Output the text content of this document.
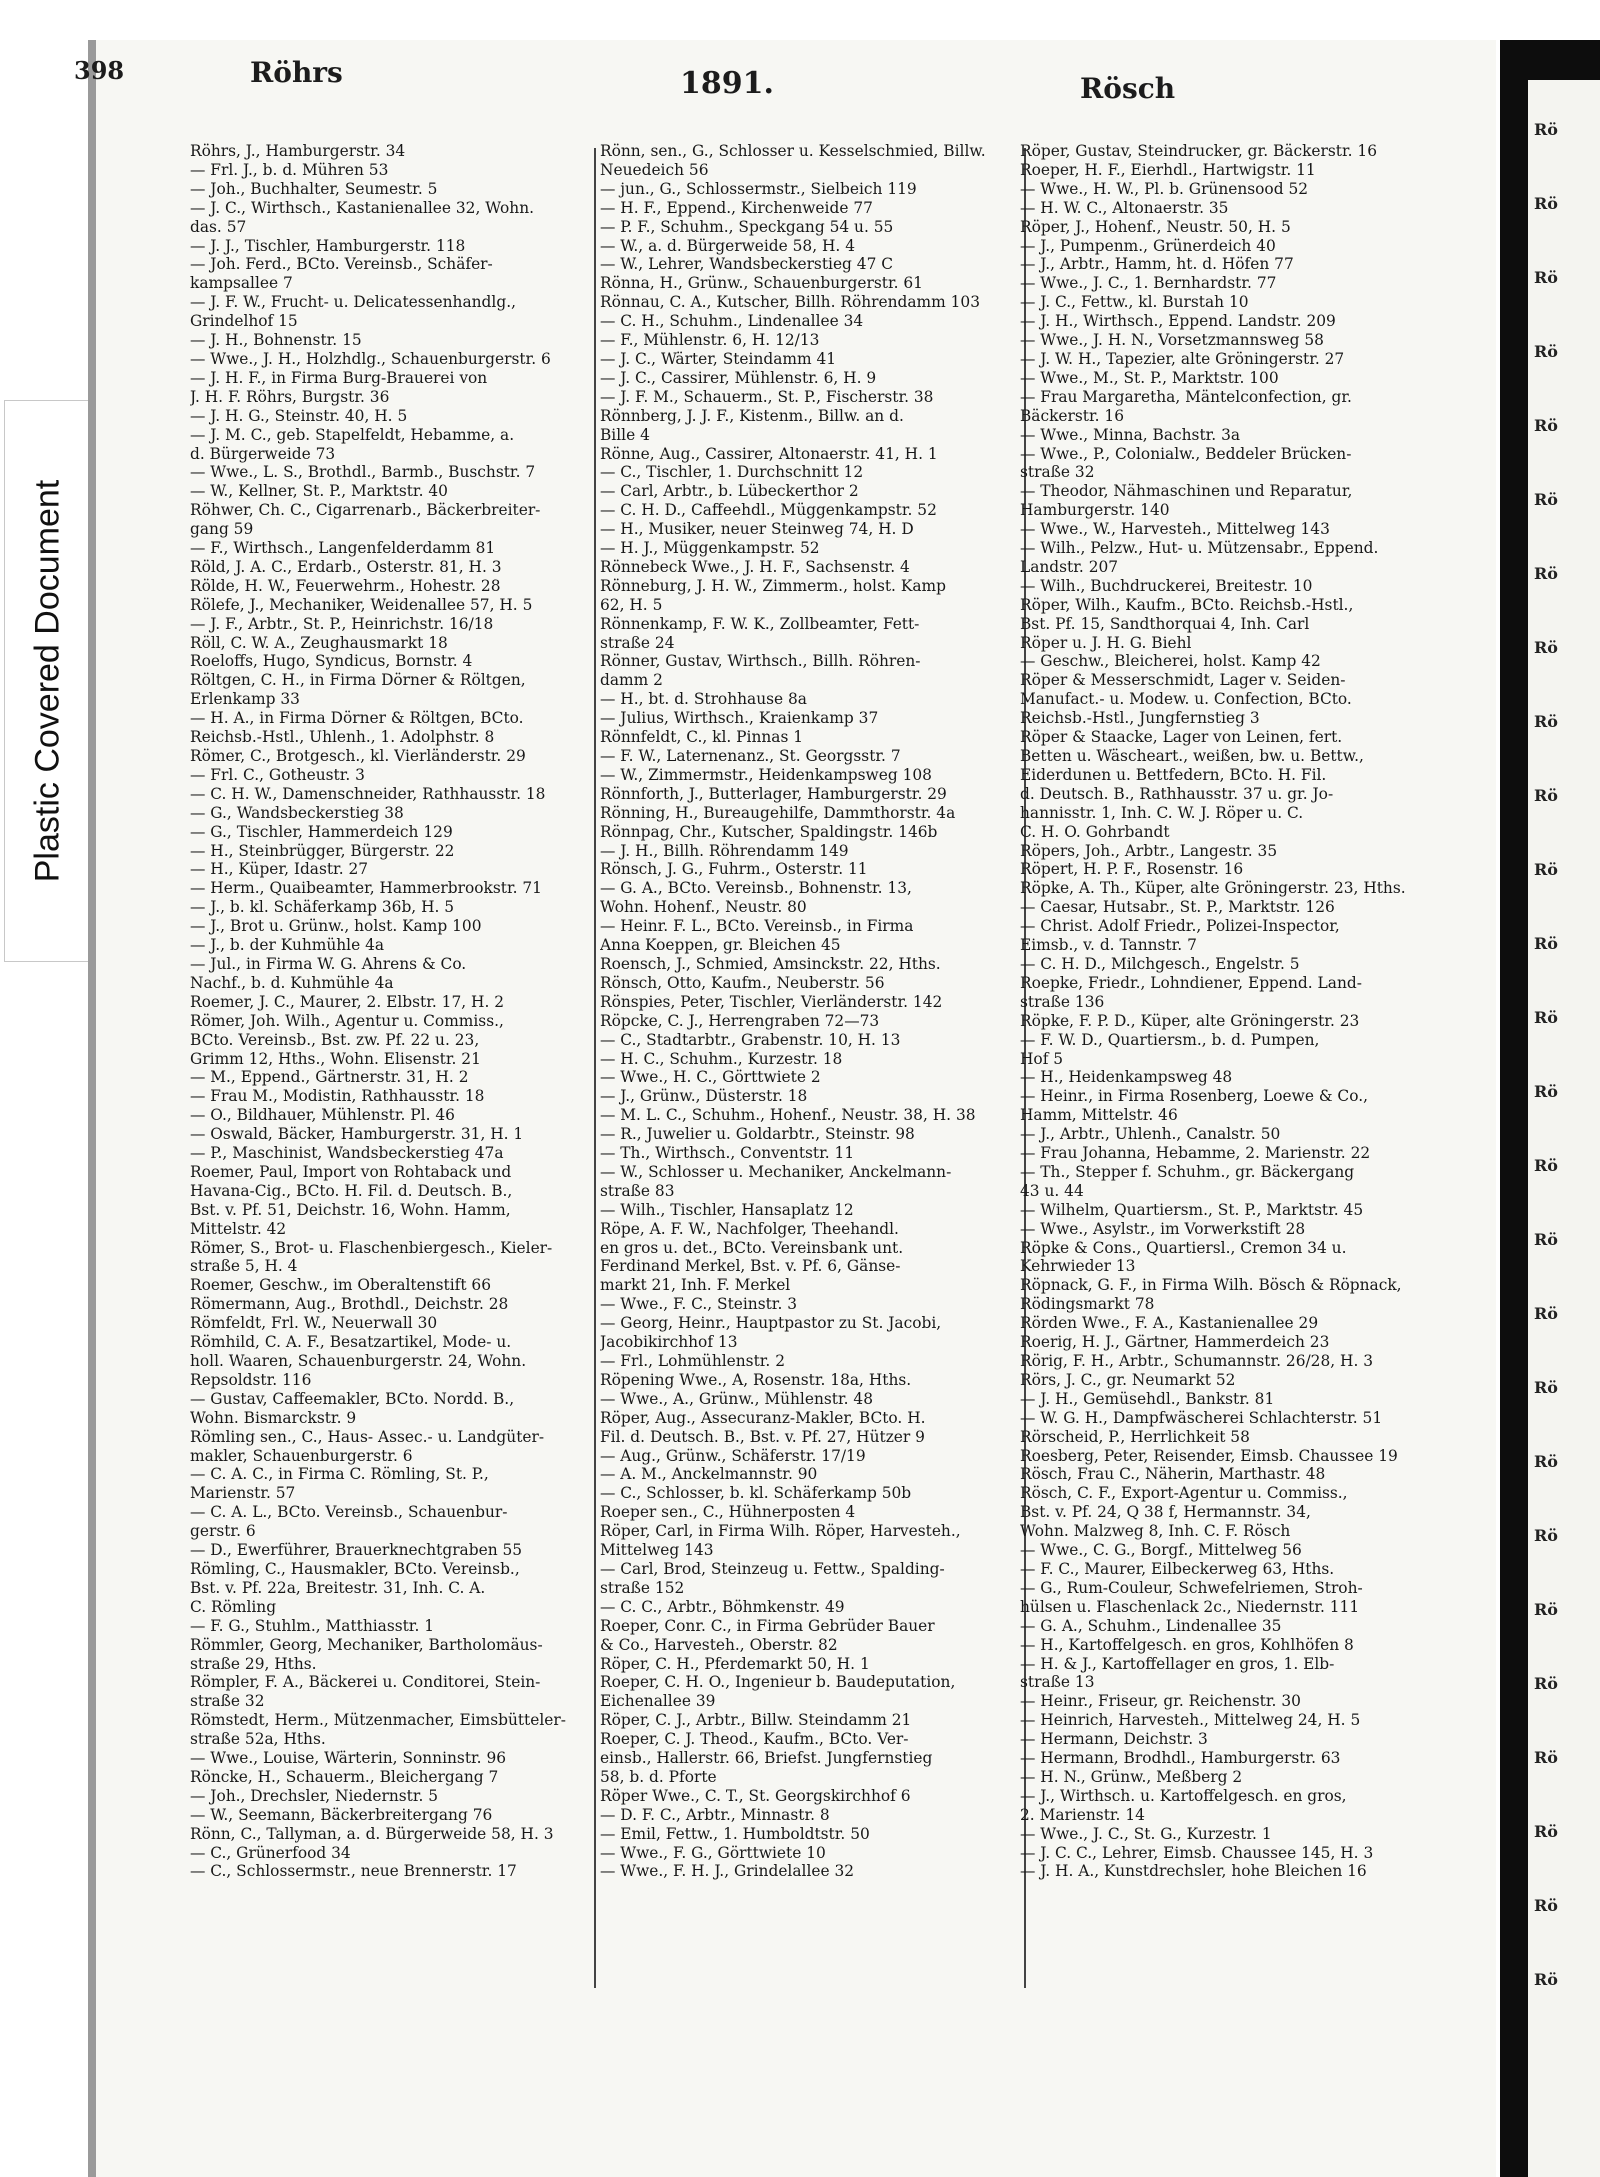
Plastic Covered Document
Rö
Rö
Rö
Rö
Rö
Rö
Rö
Rö
Rö
Rö
Rö
Rö
Rö
Rö
Rö
Rö
Rö
Rö
Rö
Rö
Rö
Rö
Rö
Rö
Rö
Rö
398	Röhrs	1891.	Rösch
Röhrs, J., Hamburgerstr. 34
— Frl. J., b. d. Mühren 53
— Joh., Buchhalter, Seumestr. 5
— J. C., Wirthsch., Kastanienallee 32, Wohn.
das. 57
— J. J., Tischler, Hamburgerstr. 118
— Joh. Ferd., BCto. Vereinsb., Schäfer-
kampsallee 7
— J. F. W., Frucht- u. Delicatessenhandlg.,
Grindelhof 15
— J. H., Bohnenstr. 15
— Wwe., J. H., Holzhdlg., Schauenburgerstr. 6
— J. H. F., in Firma Burg-Brauerei von
J. H. F. Röhrs, Burgstr. 36
— J. H. G., Steinstr. 40, H. 5
— J. M. C., geb. Stapelfeldt, Hebamme, a.
d. Bürgerweide 73
— Wwe., L. S., Brothdl., Barmb., Buschstr. 7
— W., Kellner, St. P., Marktstr. 40
Röhwer, Ch. C., Cigarrenarb., Bäckerbreiter-
gang 59
— F., Wirthsch., Langenfelderdamm 81
Röld, J. A. C., Erdarb., Osterstr. 81, H. 3
Rölde, H. W., Feuerwehrm., Hohestr. 28
Rölefe, J., Mechaniker, Weidenallee 57, H. 5
— J. F., Arbtr., St. P., Heinrichstr. 16/18
Röll, C. W. A., Zeughausmarkt 18
Roeloffs, Hugo, Syndicus, Bornstr. 4
Röltgen, C. H., in Firma Dörner & Röltgen,
Erlenkamp 33
— H. A., in Firma Dörner & Röltgen, BCto.
Reichsb.-Hstl., Uhlenh., 1. Adolphstr. 8
Römer, C., Brotgesch., kl. Vierländerstr. 29
— Frl. C., Gotheustr. 3
— C. H. W., Damenschneider, Rathhausstr. 18
— G., Wandsbeckerstieg 38
— G., Tischler, Hammerdeich 129
— H., Steinbrügger, Bürgerstr. 22
— H., Küper, Idastr. 27
— Herm., Quaibeamter, Hammerbrookstr. 71
— J., b. kl. Schäferkamp 36b, H. 5
— J., Brot u. Grünw., holst. Kamp 100
— J., b. der Kuhmühle 4a
— Jul., in Firma W. G. Ahrens & Co.
Nachf., b. d. Kuhmühle 4a
Roemer, J. C., Maurer, 2. Elbstr. 17, H. 2
Römer, Joh. Wilh., Agentur u. Commiss.,
BCto. Vereinsb., Bst. zw. Pf. 22 u. 23,
Grimm 12, Hths., Wohn. Elisenstr. 21
— M., Eppend., Gärtnerstr. 31, H. 2
— Frau M., Modistin, Rathhausstr. 18
— O., Bildhauer, Mühlenstr. Pl. 46
— Oswald, Bäcker, Hamburgerstr. 31, H. 1
— P., Maschinist, Wandsbeckerstieg 47a
Roemer, Paul, Import von Rohtaback und
Havana-Cig., BCto. H. Fil. d. Deutsch. B.,
Bst. v. Pf. 51, Deichstr. 16, Wohn. Hamm,
Mittelstr. 42
Römer, S., Brot- u. Flaschenbiergesch., Kieler-
straße 5, H. 4
Roemer, Geschw., im Oberaltenstift 66
Römermann, Aug., Brothdl., Deichstr. 28
Römfeldt, Frl. W., Neuerwall 30
Römhild, C. A. F., Besatzartikel, Mode- u.
holl. Waaren, Schauenburgerstr. 24, Wohn.
Repsoldstr. 116
— Gustav, Caffeemakler, BCto. Nordd. B.,
Wohn. Bismarckstr. 9
Römling sen., C., Haus- Assec.- u. Landgüter-
makler, Schauenburgerstr. 6
— C. A. C., in Firma C. Römling, St. P.,
Marienstr. 57
— C. A. L., BCto. Vereinsb., Schauenbur-
gerstr. 6
— D., Ewerführer, Brauerknechtgraben 55
Römling, C., Hausmakler, BCto. Vereinsb.,
Bst. v. Pf. 22a, Breitestr. 31, Inh. C. A.
C. Römling
— F. G., Stuhlm., Matthiasstr. 1
Römmler, Georg, Mechaniker, Bartholomäus-
straße 29, Hths.
Römpler, F. A., Bäckerei u. Conditorei, Stein-
straße 32
Römstedt, Herm., Mützenmacher, Eimsbütteler-
straße 52a, Hths.
— Wwe., Louise, Wärterin, Sonninstr. 96
Röncke, H., Schauerm., Bleichergang 7
— Joh., Drechsler, Niedernstr. 5
— W., Seemann, Bäckerbreitergang 76
Rönn, C., Tallyman, a. d. Bürgerweide 58, H. 3
— C., Grünerfood 34
— C., Schlossermstr., neue Brennerstr. 17
Rönn, sen., G., Schlosser u. Kesselschmied, Billw.
Neuedeich 56
— jun., G., Schlossermstr., Sielbeich 119
— H. F., Eppend., Kirchenweide 77
— P. F., Schuhm., Speckgang 54 u. 55
— W., a. d. Bürgerweide 58, H. 4
— W., Lehrer, Wandsbeckerstieg 47 C
Rönna, H., Grünw., Schauenburgerstr. 61
Rönnau, C. A., Kutscher, Billh. Röhrendamm 103
— C. H., Schuhm., Lindenallee 34
— F., Mühlenstr. 6, H. 12/13
— J. C., Wärter, Steindamm 41
— J. C., Cassirer, Mühlenstr. 6, H. 9
— J. F. M., Schauerm., St. P., Fischerstr. 38
Rönnberg, J. J. F., Kistenm., Billw. an d.
Bille 4
Rönne, Aug., Cassirer, Altonaerstr. 41, H. 1
— C., Tischler, 1. Durchschnitt 12
— Carl, Arbtr., b. Lübeckerthor 2
— C. H. D., Caffeehdl., Müggenkampstr. 52
— H., Musiker, neuer Steinweg 74, H. D
— H. J., Müggenkampstr. 52
Rönnebeck Wwe., J. H. F., Sachsenstr. 4
Rönneburg, J. H. W., Zimmerm., holst. Kamp
62, H. 5
Rönnenkamp, F. W. K., Zollbeamter, Fett-
straße 24
Rönner, Gustav, Wirthsch., Billh. Röhren-
damm 2
— H., bt. d. Strohhause 8a
— Julius, Wirthsch., Kraienkamp 37
Rönnfeldt, C., kl. Pinnas 1
— F. W., Laternenanz., St. Georgsstr. 7
— W., Zimmermstr., Heidenkampsweg 108
Rönnforth, J., Butterlager, Hamburgerstr. 29
Rönning, H., Bureaugehilfe, Dammthorstr. 4a
Rönnpag, Chr., Kutscher, Spaldingstr. 146b
— J. H., Billh. Röhrendamm 149
Rönsch, J. G., Fuhrm., Osterstr. 11
— G. A., BCto. Vereinsb., Bohnenstr. 13,
Wohn. Hohenf., Neustr. 80
— Heinr. F. L., BCto. Vereinsb., in Firma
Anna Koeppen, gr. Bleichen 45
Roensch, J., Schmied, Amsinckstr. 22, Hths.
Rönsch, Otto, Kaufm., Neuberstr. 56
Rönspies, Peter, Tischler, Vierländerstr. 142
Röpcke, C. J., Herrengraben 72—73
— C., Stadtarbtr., Grabenstr. 10, H. 13
— H. C., Schuhm., Kurzestr. 18
— Wwe., H. C., Görttwiete 2
— J., Grünw., Düsterstr. 18
— M. L. C., Schuhm., Hohenf., Neustr. 38, H. 38
— R., Juwelier u. Goldarbtr., Steinstr. 98
— Th., Wirthsch., Conventstr. 11
— W., Schlosser u. Mechaniker, Anckelmann-
straße 83
— Wilh., Tischler, Hansaplatz 12
Röpe, A. F. W., Nachfolger, Theehandl.
en gros u. det., BCto. Vereinsbank unt.
Ferdinand Merkel, Bst. v. Pf. 6, Gänse-
markt 21, Inh. F. Merkel
— Wwe., F. C., Steinstr. 3
— Georg, Heinr., Hauptpastor zu St. Jacobi,
Jacobikirchhof 13
— Frl., Lohmühlenstr. 2
Röpening Wwe., A, Rosenstr. 18a, Hths.
— Wwe., A., Grünw., Mühlenstr. 48
Röper, Aug., Assecuranz-Makler, BCto. H.
Fil. d. Deutsch. B., Bst. v. Pf. 27, Hützer 9
— Aug., Grünw., Schäferstr. 17/19
— A. M., Anckelmannstr. 90
— C., Schlosser, b. kl. Schäferkamp 50b
Roeper sen., C., Hühnerposten 4
Röper, Carl, in Firma Wilh. Röper, Harvesteh.,
Mittelweg 143
— Carl, Brod, Steinzeug u. Fettw., Spalding-
straße 152
— C. C., Arbtr., Böhmkenstr. 49
Roeper, Conr. C., in Firma Gebrüder Bauer
& Co., Harvesteh., Oberstr. 82
Röper, C. H., Pferdemarkt 50, H. 1
Roeper, C. H. O., Ingenieur b. Baudeputation,
Eichenallee 39
Röper, C. J., Arbtr., Billw. Steindamm 21
Roeper, C. J. Theod., Kaufm., BCto. Ver-
einsb., Hallerstr. 66, Briefst. Jungfernstieg
58, b. d. Pforte
Röper Wwe., C. T., St. Georgskirchhof 6
— D. F. C., Arbtr., Minnastr. 8
— Emil, Fettw., 1. Humboldtstr. 50
— Wwe., F. G., Görttwiete 10
— Wwe., F. H. J., Grindelallee 32
Röper, Gustav, Steindrucker, gr. Bäckerstr. 16
Roeper, H. F., Eierhdl., Hartwigstr. 11
— Wwe., H. W., Pl. b. Grünensood 52
— H. W. C., Altonaerstr. 35
Röper, J., Hohenf., Neustr. 50, H. 5
— J., Pumpenm., Grünerdeich 40
— J., Arbtr., Hamm, ht. d. Höfen 77
— Wwe., J. C., 1. Bernhardstr. 77
— J. C., Fettw., kl. Burstah 10
— J. H., Wirthsch., Eppend. Landstr. 209
— Wwe., J. H. N., Vorsetzmannsweg 58
— J. W. H., Tapezier, alte Gröningerstr. 27
— Wwe., M., St. P., Marktstr. 100
— Frau Margaretha, Mäntelconfection, gr.
Bäckerstr. 16
— Wwe., Minna, Bachstr. 3a
— Wwe., P., Colonialw., Beddeler Brücken-
straße 32
— Theodor, Nähmaschinen und Reparatur,
Hamburgerstr. 140
— Wwe., W., Harvesteh., Mittelweg 143
— Wilh., Pelzw., Hut- u. Mützensabr., Eppend.
Landstr. 207
— Wilh., Buchdruckerei, Breitestr. 10
Röper, Wilh., Kaufm., BCto. Reichsb.-Hstl.,
Bst. Pf. 15, Sandthorquai 4, Inh. Carl
Röper u. J. H. G. Biehl
— Geschw., Bleicherei, holst. Kamp 42
Röper & Messerschmidt, Lager v. Seiden-
Manufact.- u. Modew. u. Confection, BCto.
Reichsb.-Hstl., Jungfernstieg 3
Röper & Staacke, Lager von Leinen, fert.
Betten u. Wäscheart., weißen, bw. u. Bettw.,
Eiderdunen u. Bettfedern, BCto. H. Fil.
d. Deutsch. B., Rathhausstr. 37 u. gr. Jo-
hannisstr. 1, Inh. C. W. J. Röper u. C.
C. H. O. Gohrbandt
Röpers, Joh., Arbtr., Langestr. 35
Röpert, H. P. F., Rosenstr. 16
Röpke, A. Th., Küper, alte Gröningerstr. 23, Hths.
— Caesar, Hutsabr., St. P., Marktstr. 126
— Christ. Adolf Friedr., Polizei-Inspector,
Eimsb., v. d. Tannstr. 7
— C. H. D., Milchgesch., Engelstr. 5
Roepke, Friedr., Lohndiener, Eppend. Land-
straße 136
Röpke, F. P. D., Küper, alte Gröningerstr. 23
— F. W. D., Quartiersm., b. d. Pumpen,
Hof 5
— H., Heidenkampsweg 48
— Heinr., in Firma Rosenberg, Loewe & Co.,
Hamm, Mittelstr. 46
— J., Arbtr., Uhlenh., Canalstr. 50
— Frau Johanna, Hebamme, 2. Marienstr. 22
— Th., Stepper f. Schuhm., gr. Bäckergang
43 u. 44
— Wilhelm, Quartiersm., St. P., Marktstr. 45
— Wwe., Asylstr., im Vorwerkstift 28
Röpke & Cons., Quartiersl., Cremon 34 u.
Kehrwieder 13
Röpnack, G. F., in Firma Wilh. Bösch & Röpnack,
Rödingsmarkt 78
Rörden Wwe., F. A., Kastanienallee 29
Roerig, H. J., Gärtner, Hammerdeich 23
Rörig, F. H., Arbtr., Schumannstr. 26/28, H. 3
Rörs, J. C., gr. Neumarkt 52
— J. H., Gemüsehdl., Bankstr. 81
— W. G. H., Dampfwäscherei Schlachterstr. 51
Rörscheid, P., Herrlichkeit 58
Roesberg, Peter, Reisender, Eimsb. Chaussee 19
Rösch, Frau C., Näherin, Marthastr. 48
Rösch, C. F., Export-Agentur u. Commiss.,
Bst. v. Pf. 24, Q 38 f, Hermannstr. 34,
Wohn. Malzweg 8, Inh. C. F. Rösch
— Wwe., C. G., Borgf., Mittelweg 56
— F. C., Maurer, Eilbeckerweg 63, Hths.
— G., Rum-Couleur, Schwefelriemen, Stroh-
hülsen u. Flaschenlack 2c., Niedernstr. 111
— G. A., Schuhm., Lindenallee 35
— H., Kartoffelgesch. en gros, Kohlhöfen 8
— H. & J., Kartoffellager en gros, 1. Elb-
straße 13
— Heinr., Friseur, gr. Reichenstr. 30
— Heinrich, Harvesteh., Mittelweg 24, H. 5
— Hermann, Deichstr. 3
— Hermann, Brodhdl., Hamburgerstr. 63
— H. N., Grünw., Meßberg 2
— J., Wirthsch. u. Kartoffelgesch. en gros,
2. Marienstr. 14
— Wwe., J. C., St. G., Kurzestr. 1
— J. C. C., Lehrer, Eimsb. Chaussee 145, H. 3
— J. H. A., Kunstdrechsler, hohe Bleichen 16
